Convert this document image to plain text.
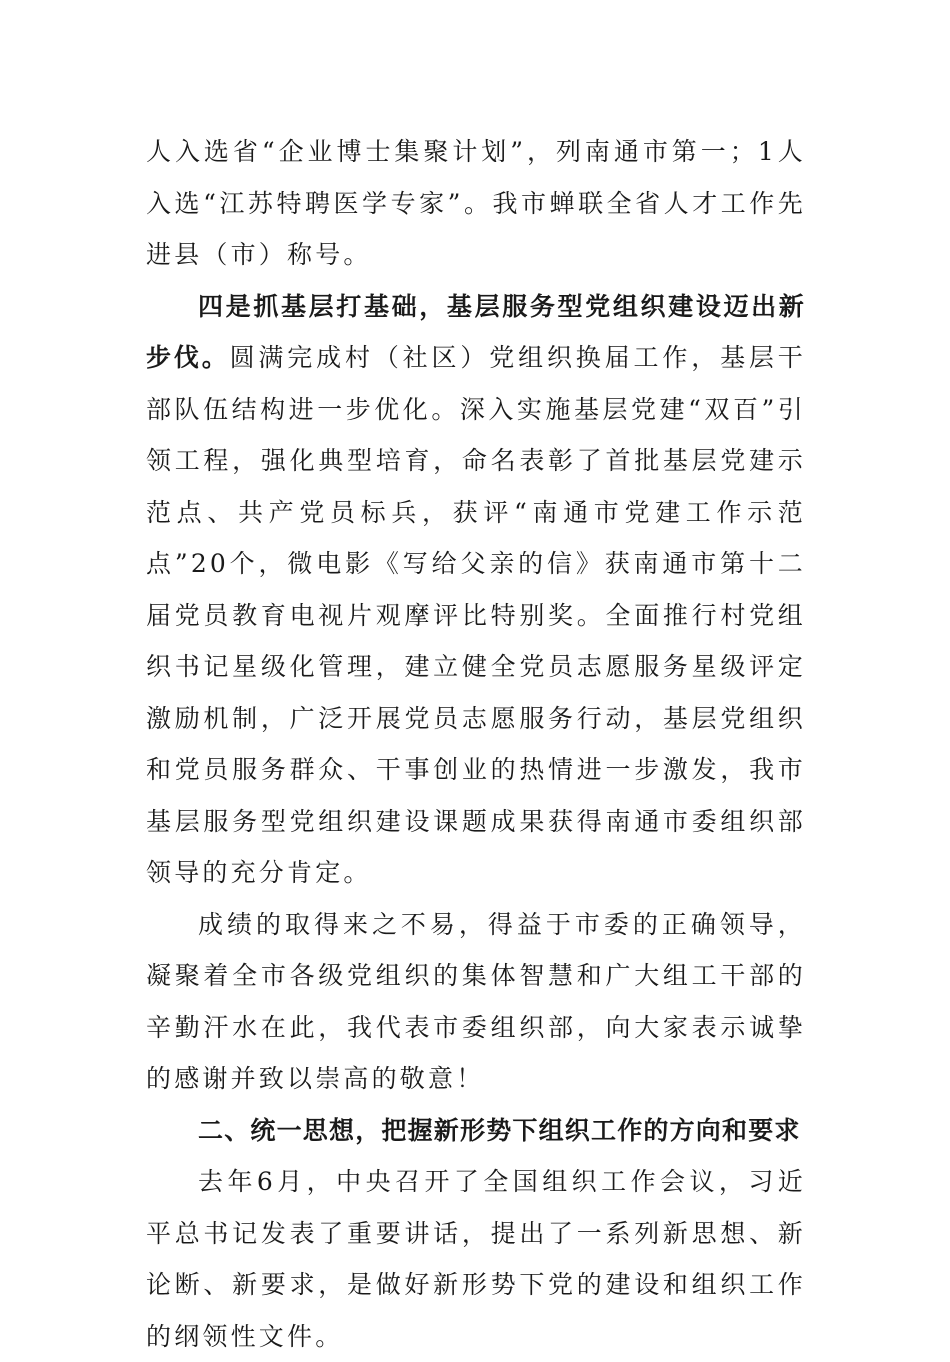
人入选省“企业博士集聚计划”，列南通市第一；1人入选“江苏特聘医学专家”。我市蝉联全省人才工作先进县（市）称号。

四是抓基层打基础，基层服务型党组织建设迈出新步伐。圆满完成村（社区）党组织换届工作，基层干部队伍结构进一步优化。深入实施基层党建“双百”引领工程，强化典型培育，命名表彰了首批基层党建示范点、共产党员标兵，获评“南通市党建工作示范点”20个，微电影《写给父亲的信》获南通市第十二届党员教育电视片观摩评比特别奖。全面推行村党组织书记星级化管理，建立健全党员志愿服务星级评定激励机制，广泛开展党员志愿服务行动，基层党组织和党员服务群众、干事创业的热情进一步激发，我市基层服务型党组织建设课题成果获得南通市委组织部领导的充分肯定。

成绩的取得来之不易，得益于市委的正确领导，凝聚着全市各级党组织的集体智慧和广大组工干部的辛勤汗水在此，我代表市委组织部，向大家表示诚挚的感谢并致以崇高的敬意！

二、统一思想，把握新形势下组织工作的方向和要求

去年6月，中央召开了全国组织工作会议，习近平总书记发表了重要讲话，提出了一系列新思想、新论断、新要求，是做好新形势下党的建设和组织工作的纲领性文件。
